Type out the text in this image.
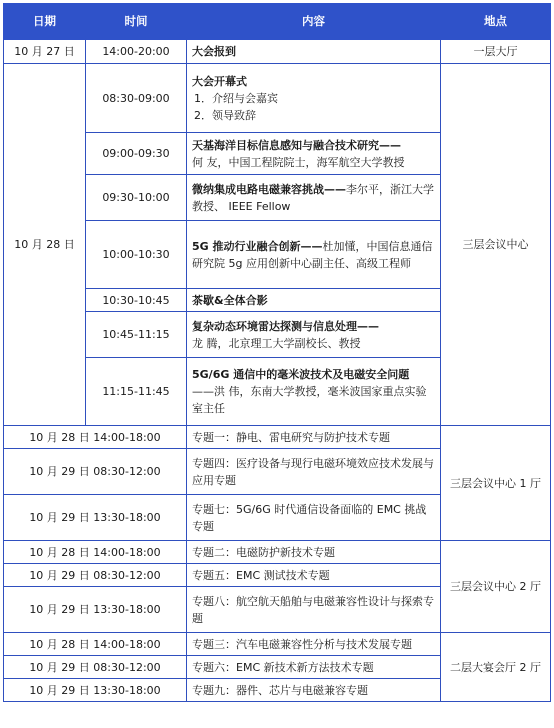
日期	时间	内容	地点
10 月 27 日	14:00-20:00	大会报到	一层大厅
10 月 28 日	08:30-09:00	大会开幕式
1．介绍与会嘉宾
2．领导致辞	三层会议中心
	09:00-09:30	天基海洋目标信息感知与融合技术研究——
何 友，中国工程院院士，海军航空大学教授	

	09:30-10:00	微纳集成电路电磁兼容挑战——李尔平，浙江大学教授、 IEEE Fellow	
	10:00-10:30	5G 推动行业融合创新——杜加懂，中国信息通信研究院 5g 应用创新中心副主任、高级工程师	
	10:30-10:45	茶歇&全体合影	
	10:45-11:15	复杂动态环境雷达探测与信息处理——
龙 腾，北京理工大学副校长、教授	

	11:15-11:45	5G/6G 通信中的毫米波技术及电磁安全问题
——洪 伟，东南大学教授，毫米波国家重点实验室主任	

10 月 28 日 14:00-18:00		专题一：静电、雷电研究与防护技术专题	三层会议中心 1 厅
10 月 29 日 08:30-12:00		专题四：医疗设备与现行电磁环境效应技术发展与应用专题	
10 月 29 日 13:30-18:00		专题七：5G/6G 时代通信设备面临的 EMC 挑战专题	
10 月 28 日 14:00-18:00		专题二：电磁防护新技术专题	三层会议中心 2 厅
10 月 29 日 08:30-12:00		专题五：EMC 测试技术专题	
10 月 29 日 13:30-18:00		专题八：航空航天船舶与电磁兼容性设计与探索专题	
10 月 28 日 14:00-18:00		专题三：汽车电磁兼容性分析与技术发展专题	二层大宴会厅 2 厅
10 月 29 日 08:30-12:00		专题六：EMC 新技术新方法技术专题	
10 月 29 日 13:30-18:00		专题九：器件、芯片与电磁兼容专题	
